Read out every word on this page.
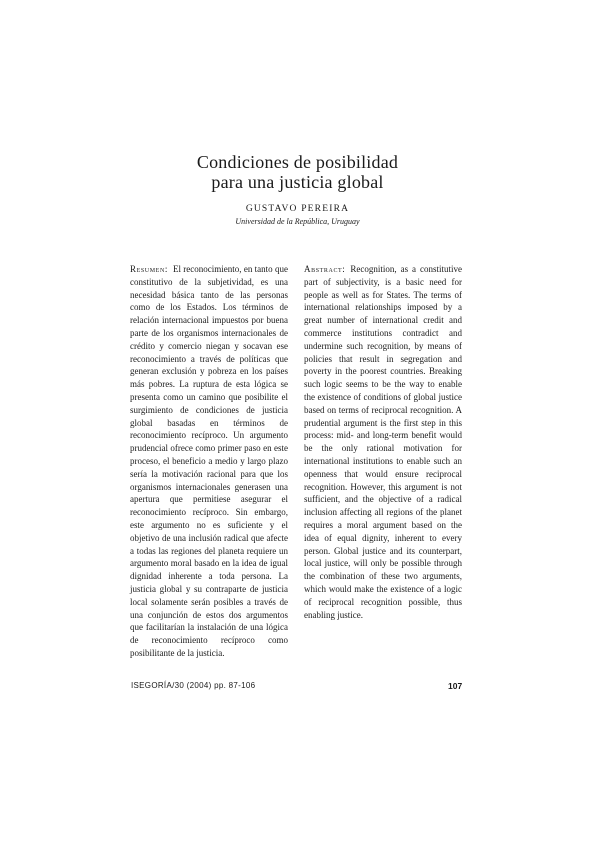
Condiciones de posibilidad
para una justicia global
GUSTAVO PEREIRA
Universidad de la República, Uruguay
Resumen: El reconocimiento, en tanto que constitutivo de la subjetividad, es una necesidad básica tanto de las personas como de los Estados. Los términos de relación internacional impuestos por buena parte de los organismos internacionales de crédito y comercio niegan y socavan ese reconocimiento a través de políticas que generan exclusión y pobreza en los países más pobres. La ruptura de esta lógica se presenta como un camino que posibilite el surgimiento de condiciones de justicia global basadas en términos de reconocimiento recíproco. Un argumento prudencial ofrece como primer paso en este proceso, el beneficio a medio y largo plazo sería la motivación racional para que los organismos internacionales generasen una apertura que permitiese asegurar el reconocimiento recíproco. Sin embargo, este argumento no es suficiente y el objetivo de una inclusión radical que afecte a todas las regiones del planeta requiere un argumento moral basado en la idea de igual dignidad inherente a toda persona. La justicia global y su contraparte de justicia local solamente serán posibles a través de una conjunción de estos dos argumentos que facilitarían la instalación de una lógica de reconocimiento recíproco como posibilitante de la justicia.
Abstract: Recognition, as a constitutive part of subjectivity, is a basic need for people as well as for States. The terms of international relationships imposed by a great number of international credit and commerce institutions contradict and undermine such recognition, by means of policies that result in segregation and poverty in the poorest countries. Breaking such logic seems to be the way to enable the existence of conditions of global justice based on terms of reciprocal recognition. A prudential argument is the first step in this process: mid- and long-term benefit would be the only rational motivation for international institutions to enable such an openness that would ensure reciprocal recognition. However, this argument is not sufficient, and the objective of a radical inclusion affecting all regions of the planet requires a moral argument based on the idea of equal dignity, inherent to every person. Global justice and its counterpart, local justice, will only be possible through the combination of these two arguments, which would make the existence of a logic of reciprocal recognition possible, thus enabling justice.
ISEGORÍA/30 (2004) pp. 87-106	107
